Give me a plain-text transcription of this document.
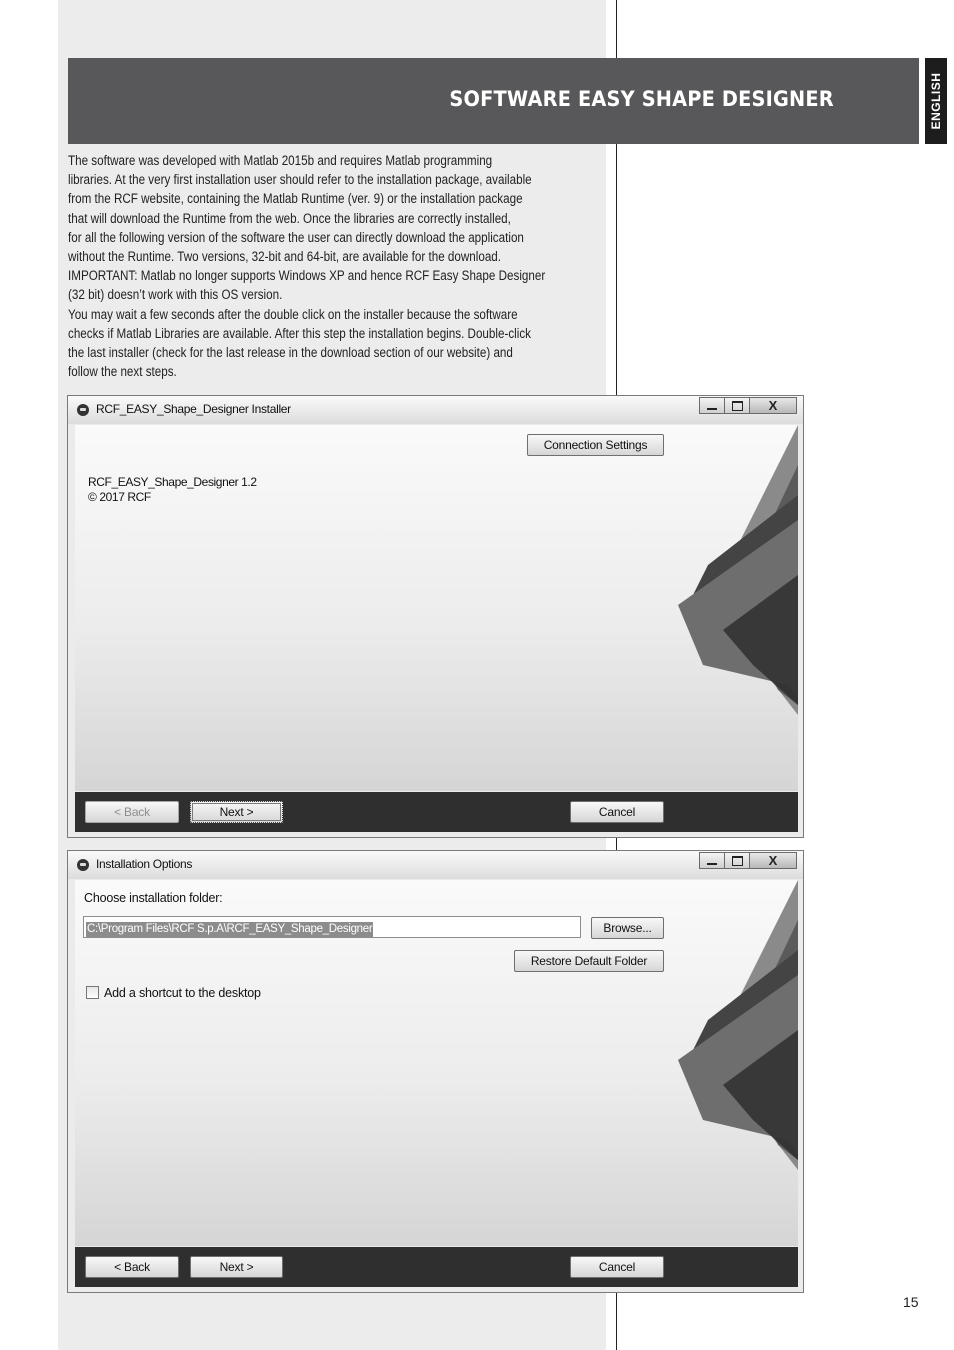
SOFTWARE EASY SHAPE DESIGNER	ENGLISH

The software was developed with Matlab 2015b and requires Matlab programming

libraries. At the very first installation user should refer to the installation package, available

from the RCF website, containing the Matlab Runtime (ver. 9) or the installation package

that will download the Runtime from the web. Once the libraries are correctly installed,

for all the following version of the software the user can directly download the application

without the Runtime. Two versions, 32-bit and 64-bit, are available for the download.

IMPORTANT: Matlab no longer supports Windows XP and hence RCF Easy Shape Designer

(32 bit) doesn’t work with this OS version.

You may wait a few seconds after the double click on the installer because the software

checks if Matlab Libraries are available. After this step the installation begins. Double-click

the last installer (check for the last release in the download section of our website) and

follow the next steps.

RCF_EASY_Shape_Designer Installer	X
Connection Settings
RCF_EASY_Shape_Designer 1.2
© 2017 RCF
< Back	Next >	Cancel
Installation Options	X
Choose installation folder:
C:\Program Files\RCF S.p.A\RCF_EASY_Shape_Designer	Browse...
Restore Default Folder
Add a shortcut to the desktop
< Back	Next >	Cancel
15
